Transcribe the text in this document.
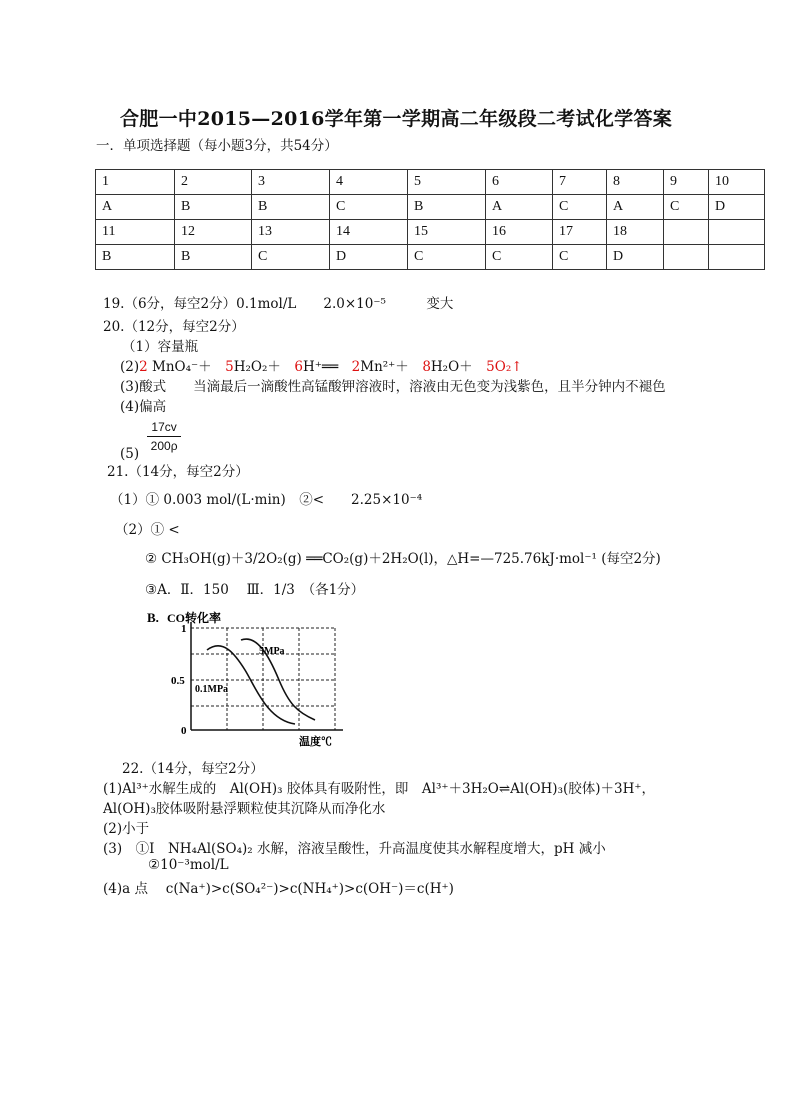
合肥一中2015—2016学年第一学期高二年级段二考试化学答案
一．单项选择题（每小题3分，共54分）
1	2	3	4	5	6	7	8	9	10
A	B	B	C	B	A	C	A	C	D
11	12	13	14	15	16	17	18		
B	B	C	D	C	C	C	D		
19.（6分，每空2分）0.1mol/L　　2.0×10⁻⁵　　　变大
20.（12分，每空2分）
（1）容量瓶
(2)2 MnO₄⁻＋　5H₂O₂＋　6H⁺══　2Mn²⁺＋　8H₂O＋　5O₂↑
(3)酸式　　当滴最后一滴酸性高锰酸钾溶液时，溶液由无色变为浅紫色，且半分钟内不褪色
(4)偏高
(5)
$\frac{17cv}{200\rho}$
21.（14分，每空2分）
（1）① 0.003 mol/(L·min)　②<　　2.25×10⁻⁴
（2）① <
② CH₃OH(g)＋3/2O₂(g) ══CO₂(g)＋2H₂O(l)，△H=—725.76kJ·mol⁻¹ (每空2分)
③A．Ⅱ．150　 Ⅲ．1/3　（各1分）
B. CO转化率
1
0.5
0
5MPa
0.1MPa
温度℃
22.（14分，每空2分）
(1)Al³⁺水解生成的　Al(OH)₃ 胶体具有吸附性，即　Al³⁺＋3H₂O⇌Al(OH)₃(胶体)＋3H⁺，
Al(OH)₃胶体吸附悬浮颗粒使其沉降从而净化水
(2)小于
(3)　①Ⅰ　NH₄Al(SO₄)₂ 水解，溶液呈酸性，升高温度使其水解程度增大，pH 减小
②10⁻³mol/L
(4)a 点　 c(Na⁺)>c(SO₄²⁻)>c(NH₄⁺)>c(OH⁻)＝c(H⁺)
